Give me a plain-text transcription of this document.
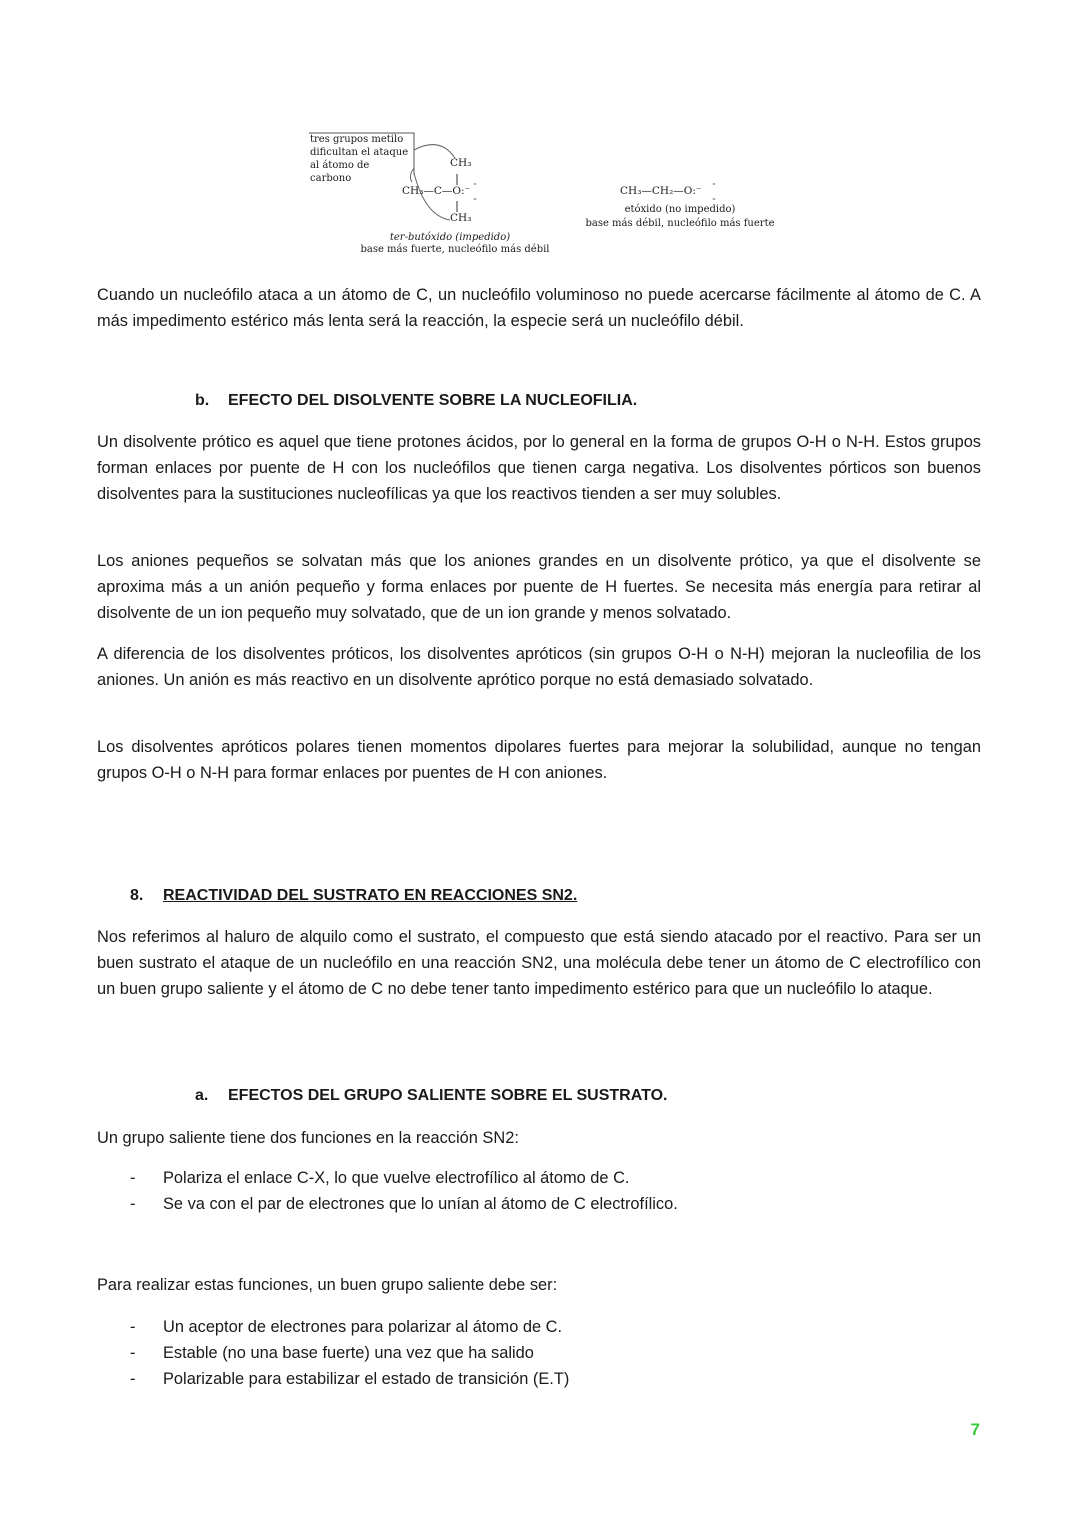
tres grupos metilo
dificultan el ataque
al átomo de carbono
CH₃
CH₃—C—O:⁻
··
··
CH₃
ter-butóxido (impedido)
base más fuerte, nucleófilo más débil
CH₃—CH₂—O:⁻
··
··
etóxido (no impedido)
base más débil, nucleófilo más fuerte

Cuando un nucleófilo ataca a un átomo de C, un nucleófilo voluminoso no puede acercarse fácilmente al átomo de C. A más impedimento estérico más lenta será la reacción, la especie será un nucleófilo débil.

b. EFECTO DEL DISOLVENTE SOBRE LA NUCLEOFILIA.

Un disolvente prótico es aquel que tiene protones ácidos, por lo general en la forma de grupos O-H o N-H. Estos grupos forman enlaces por puente de H con los nucleófilos que tienen carga negativa. Los disolventes pórticos son buenos disolventes para la sustituciones nucleofílicas ya que los reactivos tienden a ser muy solubles.

Los aniones pequeños se solvatan más que los aniones grandes en un disolvente prótico, ya que el disolvente se aproxima más a un anión pequeño y forma enlaces por puente de H fuertes. Se necesita más energía para retirar al disolvente de un ion pequeño muy solvatado, que de un ion grande y menos solvatado.

A diferencia de los disolventes próticos, los disolventes apróticos (sin grupos O-H o N-H) mejoran la nucleofilia de los aniones. Un anión es más reactivo en un disolvente aprótico porque no está demasiado solvatado.

Los disolventes apróticos polares tienen momentos dipolares fuertes para mejorar la solubilidad, aunque no tengan grupos O-H o N-H para formar enlaces por puentes de H con aniones.

8. REACTIVIDAD DEL SUSTRATO EN REACCIONES SN2.

Nos referimos al haluro de alquilo como el sustrato, el compuesto que está siendo atacado por el reactivo. Para ser un buen sustrato el ataque de un nucleófilo en una reacción SN2, una molécula debe tener un átomo de C electrofílico con un buen grupo saliente y el átomo de C no debe tener tanto impedimento estérico para que un nucleófilo lo ataque.

a. EFECTOS DEL GRUPO SALIENTE SOBRE EL SUSTRATO.

Un grupo saliente tiene dos funciones en la reacción SN2:

- Polariza el enlace C-X, lo que vuelve electrofílico al átomo de C.
- Se va con el par de electrones que lo unían al átomo de C electrofílico.

Para realizar estas funciones, un buen grupo saliente debe ser:

- Un aceptor de electrones para polarizar al átomo de C.
- Estable (no una base fuerte) una vez que ha salido
- Polarizable para estabilizar el estado de transición (E.T)
7
